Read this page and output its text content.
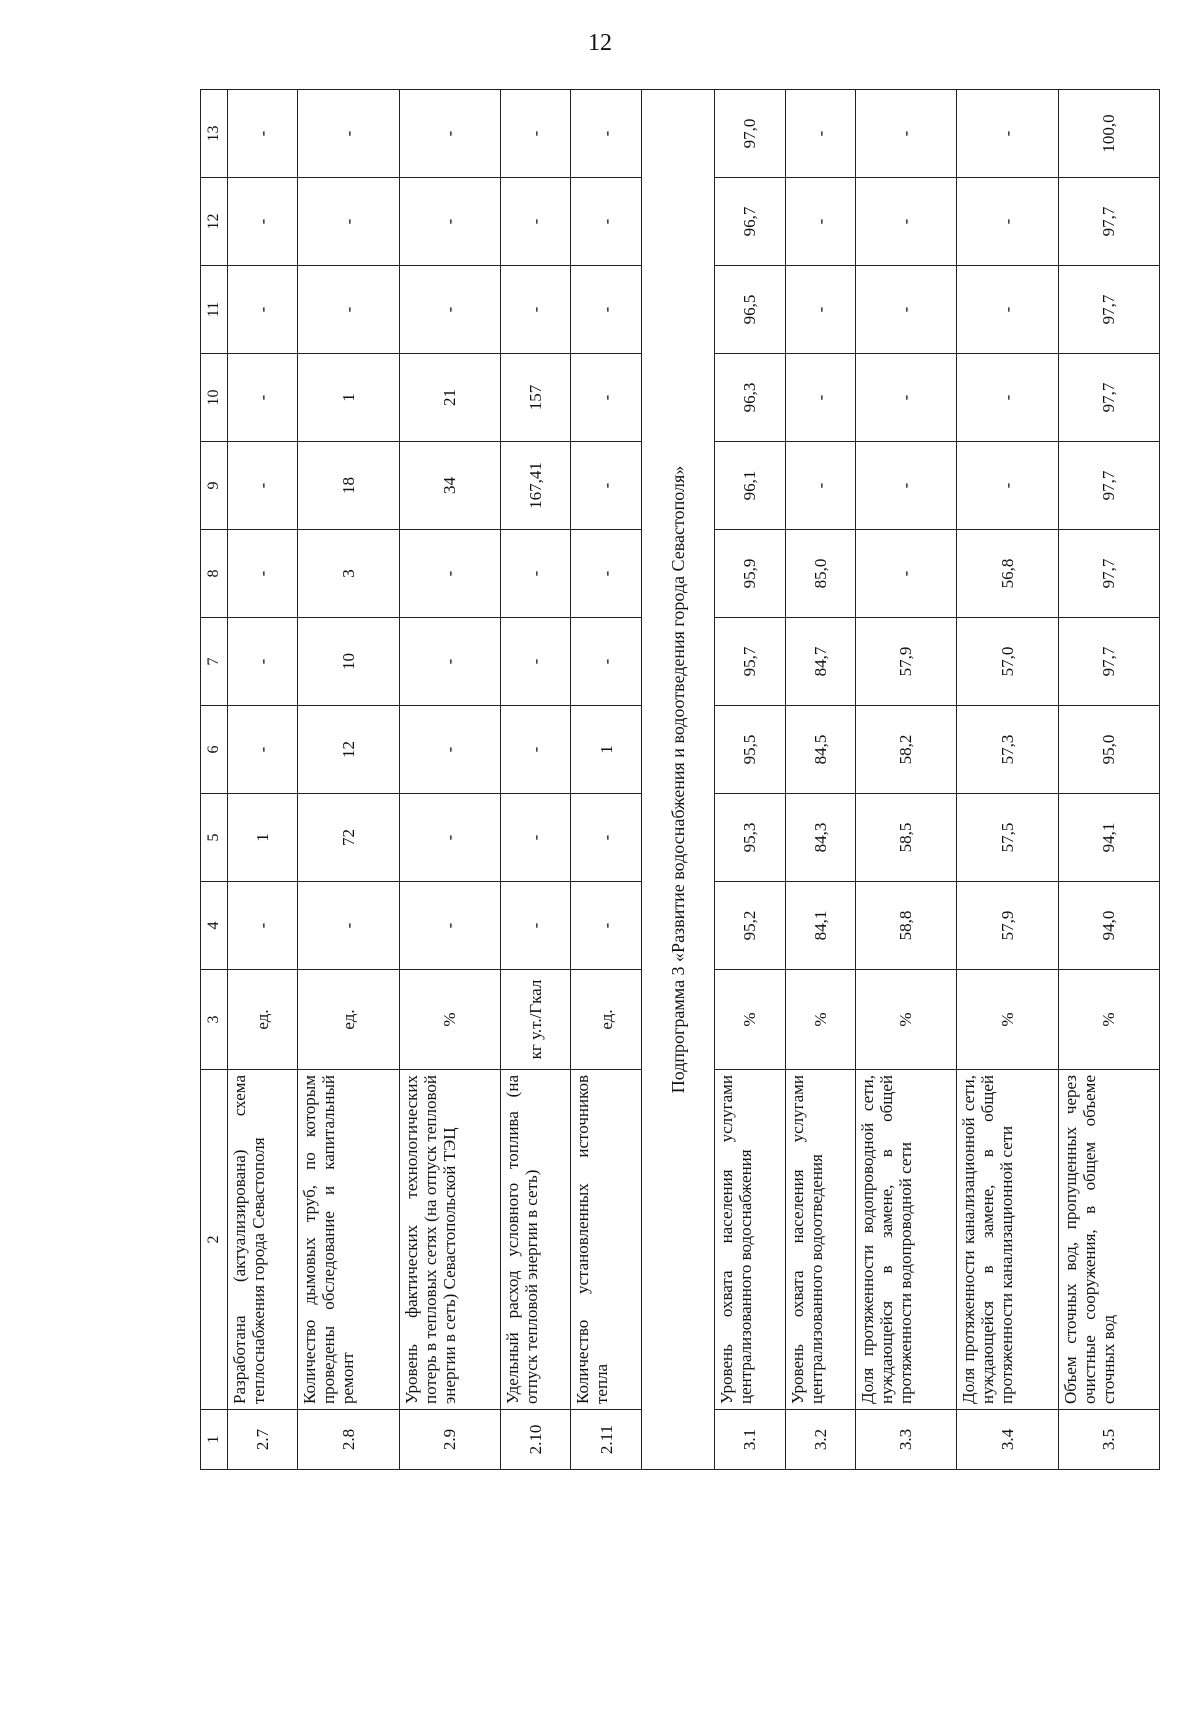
12
1	2	3	4	5	6	7	8	9	10	11	12	13
2.7	Разработана (актуализирована) схема теплоснабжения города Севастополя	ед.	-	1	-	-	-	-	-	-	-	-
2.8	Количество дымовых труб, по которым проведены обследование и капитальный ремонт	ед.	-	72	12	10	3	18	1	-	-	-
2.9	Уровень фактических технологических потерь в тепловых сетях (на отпуск тепловой энергии в сеть) Севастопольской ТЭЦ	%	-	-	-	-	-	34	21	-	-	-
2.10	Удельный расход условного топлива (на отпуск тепловой энергии в сеть)	кг у.т./Гкал	-	-	-	-	-	167,41	157	-	-	-
2.11	Количество установленных источников тепла	ед.	-	-	1	-	-	-	-	-	-	-
Подпрограмма 3 «Развитие водоснабжения и водоотведения города Севастополя»												
3.1	Уровень охвата населения услугами централизованного водоснабжения	%	95,2	95,3	95,5	95,7	95,9	96,1	96,3	96,5	96,7	97,0
3.2	Уровень охвата населения услугами централизованного водоотведения	%	84,1	84,3	84,5	84,7	85,0	-	-	-	-	-
3.3	Доля протяженности водопроводной сети, нуждающейся в замене, в общей протяженности водопроводной сети	%	58,8	58,5	58,2	57,9	-	-	-	-	-	-
3.4	Доля протяженности канализационной сети, нуждающейся в замене, в общей протяженности канализационной сети	%	57,9	57,5	57,3	57,0	56,8	-	-	-	-	-
3.5	Объем сточных вод, пропущенных через очистные сооружения, в общем объеме сточных вод	%	94,0	94,1	95,0	97,7	97,7	97,7	97,7	97,7	97,7	100,0
